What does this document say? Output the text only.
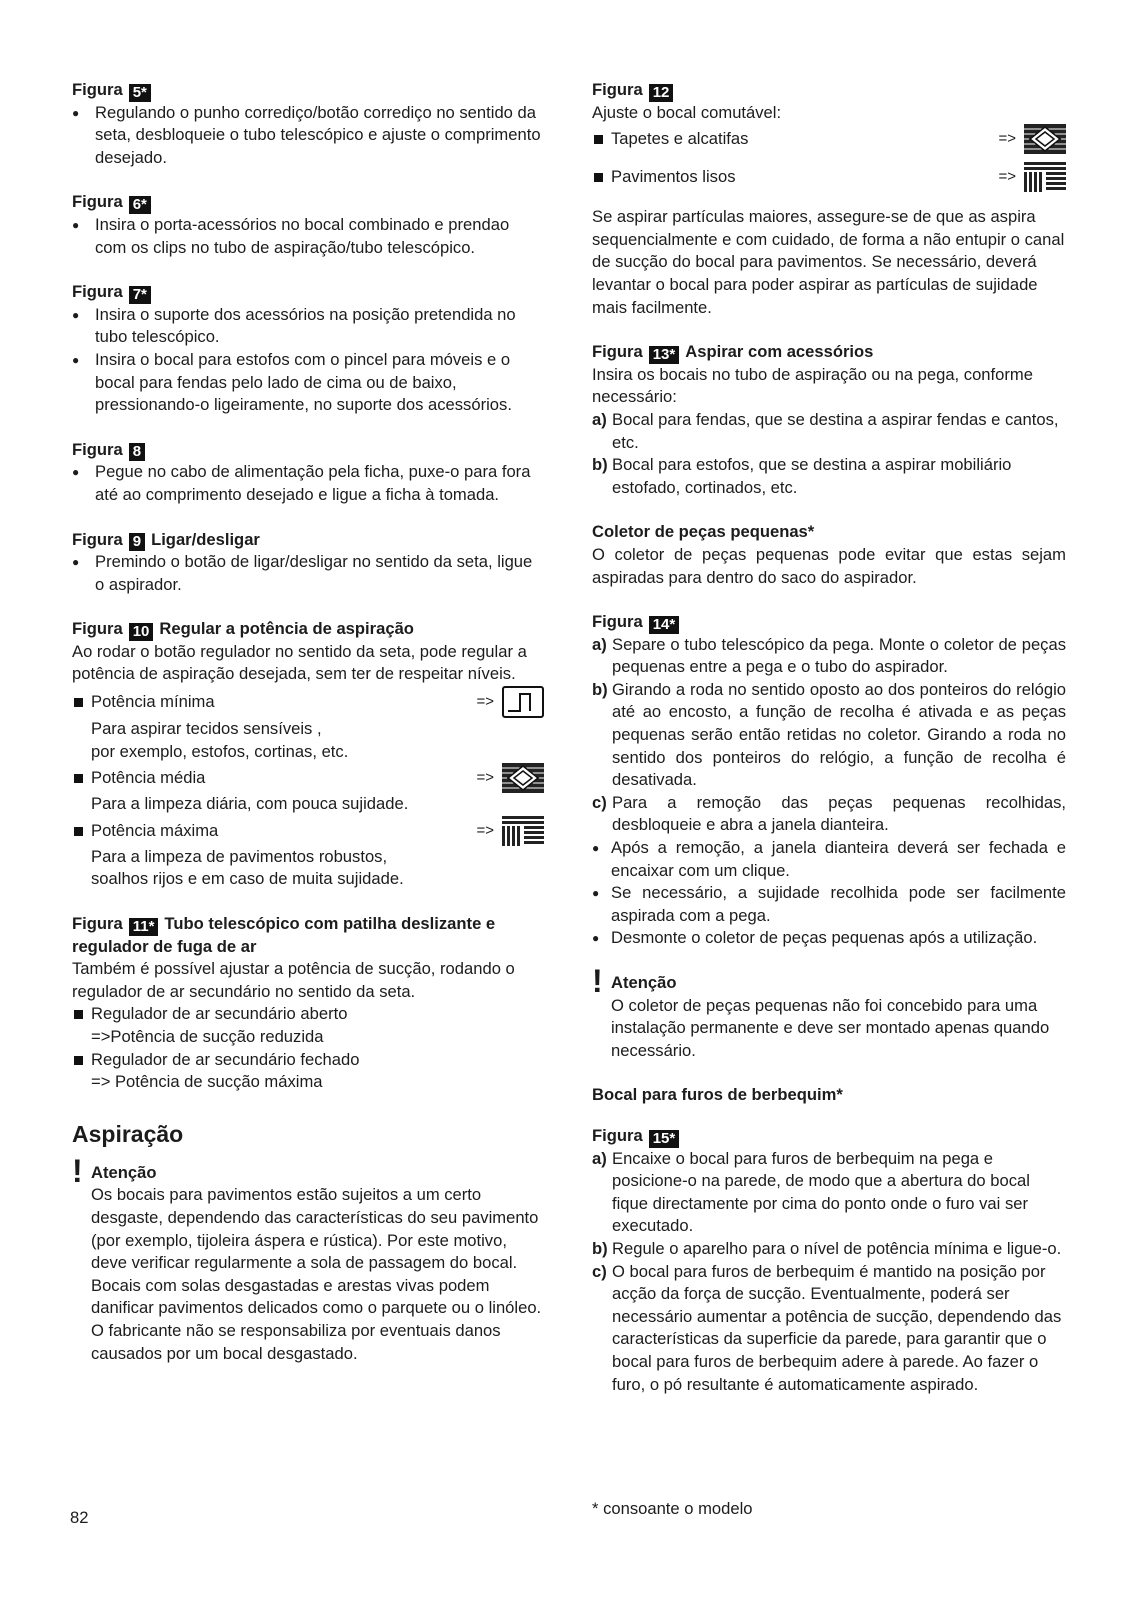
Figura 5*
● Regulando o punho corrediço/botão corrediço no sentido da seta, desbloqueie o tubo telescópico e ajuste o comprimento desejado.
Figura 6*
● Insira o porta-acessórios no bocal combinado e prendao com os clips no tubo de aspiração/tubo telescópico.
Figura 7*
● Insira o suporte dos acessórios na posição pretendida no tubo telescópico.
● Insira o bocal para estofos com o pincel para móveis e o bocal para fendas pelo lado de cima ou de baixo, pressionando-o ligeiramente, no suporte dos acessórios.
Figura 8
● Pegue no cabo de alimentação pela ficha, puxe-o para fora até ao comprimento desejado e ligue a ficha à tomada.
Figura 9 Ligar/desligar
● Premindo o botão de ligar/desligar no sentido da seta, ligue o aspirador.
Figura 10 Regular a potência de aspiração
Ao rodar o botão regulador no sentido da seta, pode regular a potência de aspiração desejada, sem ter de respeitar níveis.
Potência mínima	=>
Para aspirar tecidos sensíveis ,
por exemplo, estofos, cortinas, etc.
Potência média	=>
Para a limpeza diária, com pouca sujidade.
Potência máxima	=>
Para a limpeza de pavimentos robustos,
soalhos rijos e em caso de muita sujidade.
Figura 11* Tubo telescópico com patilha deslizante e
regulador de fuga de ar
Também é possível ajustar a potência de sucção, rodando o regulador de ar secundário no sentido da seta.
Regulador de ar secundário aberto
=>Potência de sucção reduzida
Regulador de ar secundário fechado
=> Potência de sucção máxima
Aspiração
! Atenção
Os bocais para pavimentos estão sujeitos a um certo desgaste, dependendo das características do seu pavimento (por exemplo, tijoleira áspera e rústica). Por este motivo, deve verificar regularmente a sola de passagem do bocal. Bocais com solas desgastadas e arestas vivas podem danificar pavimentos delicados como o parquete ou o linóleo. O fabricante não se responsabiliza por eventuais danos causados por um bocal desgastado.
Figura 12
Ajuste o bocal comutável:
Tapetes e alcatifas	=>
Pavimentos lisos	=>
Se aspirar partículas maiores, assegure-se de que as aspira sequencialmente e com cuidado, de forma a não entupir o canal de sucção do bocal para pavimentos. Se necessário, deverá levantar o bocal para poder aspirar as partículas de sujidade mais facilmente.
Figura 13* Aspirar com acessórios
Insira os bocais no tubo de aspiração ou na pega, conforme necessário:
a) Bocal para fendas, que se destina a aspirar fendas e cantos, etc.
b) Bocal para estofos, que se destina a aspirar mobiliário estofado, cortinados, etc.
Coletor de peças pequenas*
O coletor de peças pequenas pode evitar que estas sejam aspiradas para dentro do saco do aspirador.
Figura 14*
a) Separe o tubo telescópico da pega. Monte o coletor de peças pequenas entre a pega e o tubo do aspirador.
b) Girando a roda no sentido oposto ao dos ponteiros do relógio até ao encosto, a função de recolha é ativada e as peças pequenas serão então retidas no coletor. Girando a roda no sentido dos ponteiros do relógio, a função de recolha é desativada.
c) Para a remoção das peças pequenas recolhidas, desbloqueie e abra a janela dianteira.
● Após a remoção, a janela dianteira deverá ser fechada e encaixar com um clique.
● Se necessário, a sujidade recolhida pode ser facilmente aspirada com a pega.
● Desmonte o coletor de peças pequenas após a utilização.
! Atenção
O coletor de peças pequenas não foi concebido para uma instalação permanente e deve ser montado apenas quando necessário.
Bocal para furos de berbequim*
Figura 15*
a) Encaixe o bocal para furos de berbequim na pega e posicione-o na parede, de modo que a abertura do bocal fique directamente por cima do ponto onde o furo vai ser executado.
b) Regule o aparelho para o nível de potência mínima e ligue-o.
c) O bocal para furos de berbequim é mantido na posição por acção da força de sucção. Eventualmente, poderá ser necessário aumentar a potência de sucção, dependendo das características da superficie da parede, para garantir que o bocal para furos de berbequim adere à parede. Ao fazer o furo, o pó resultante é automaticamente aspirado.
82	* consoante o modelo
